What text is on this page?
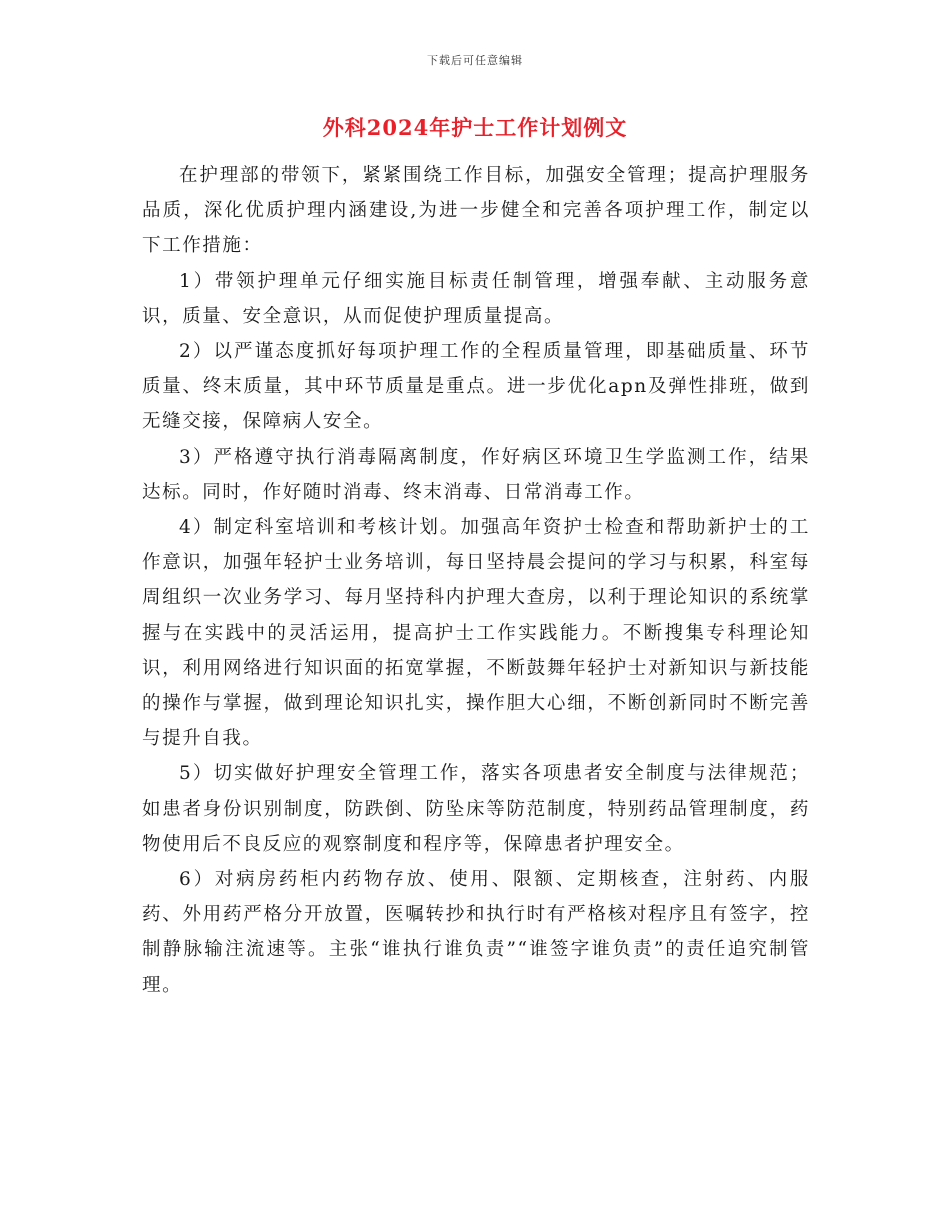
下载后可任意编辑
外科2024年护士工作计划例文

在护理部的带领下，紧紧围绕工作目标，加强安全管理；提高护理服务品质，深化优质护理内涵建设,为进一步健全和完善各项护理工作，制定以下工作措施：

1）带领护理单元仔细实施目标责任制管理，增强奉献、主动服务意识，质量、安全意识，从而促使护理质量提高。

2）以严谨态度抓好每项护理工作的全程质量管理，即基础质量、环节质量、终末质量，其中环节质量是重点。进一步优化apn及弹性排班，做到无缝交接，保障病人安全。

3）严格遵守执行消毒隔离制度，作好病区环境卫生学监测工作，结果达标。同时，作好随时消毒、终末消毒、日常消毒工作。

4）制定科室培训和考核计划。加强高年资护士检查和帮助新护士的工作意识，加强年轻护士业务培训，每日坚持晨会提问的学习与积累，科室每周组织一次业务学习、每月坚持科内护理大查房，以利于理论知识的系统掌握与在实践中的灵活运用，提高护士工作实践能力。不断搜集专科理论知识，利用网络进行知识面的拓宽掌握，不断鼓舞年轻护士对新知识与新技能的操作与掌握，做到理论知识扎实，操作胆大心细，不断创新同时不断完善与提升自我。

5）切实做好护理安全管理工作，落实各项患者安全制度与法律规范；如患者身份识别制度，防跌倒、防坠床等防范制度，特别药品管理制度，药物使用后不良反应的观察制度和程序等，保障患者护理安全。

6）对病房药柜内药物存放、使用、限额、定期核查，注射药、内服药、外用药严格分开放置，医嘱转抄和执行时有严格核对程序且有签字，控制静脉输注流速等。主张“谁执行谁负责”“谁签字谁负责”的责任追究制管理。
